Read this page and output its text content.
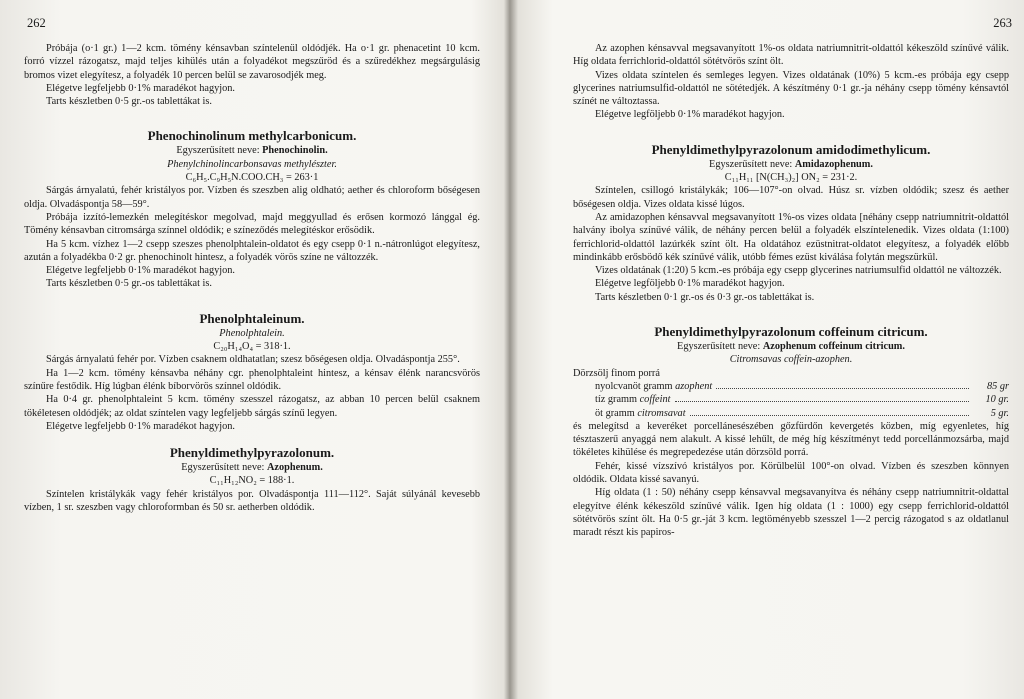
262

Próbája (o·1 gr.) 1—2 kcm. tömény kénsavban színtelenül oldódjék. Ha o·1 gr. phenacetint 10 kcm. forró vízzel rázogatsz, majd teljes kihülés után a folyadékot megszűröd és a szűredékhez megsárgulásig bromos vizet elegyítesz, a folyadék 10 percen belül se zavarosodjék meg.

Elégetve legfeljebb 0·1% maradékot hagyjon.

Tarts készletben 0·5 gr.-os tablettákat is.

Phenochinolinum methylcarbonicum.

Egyszerűsített neve: Phenochinolin.

Phenylchinolincarbonsavas methylészter.

C₆H₅.C₉H₅N.COO.CH₃ = 263·1

Sárgás árnyalatú, fehér kristályos por. Vízben és szeszben alig oldható; aether és chloroform bőségesen oldja. Olvadáspontja 58—59°.

Próbája izzító-lemezkén melegítéskor megolvad, majd meggyullad és erősen kormozó lánggal ég. Tömény kénsavban citromsárga színnel oldódik; e színeződés melegítéskor erősödik.

Ha 5 kcm. vízhez 1—2 csepp szeszes phenolphtalein-oldatot és egy csepp 0·1 n.-nátronlúgot elegyítesz, azután a folyadékba 0·2 gr. phenochinolt hintesz, a folyadék vörös színe ne változzék.

Elégetve legfeljebb 0·1% maradékot hagyjon.

Tarts készletben 0·5 gr.-os tablettákat is.

Phenolphtaleinum.

Phenolphtalein.

C₂₀H₁₄O₄ = 318·1.

Sárgás árnyalatú fehér por. Vízben csaknem oldhatatlan; szesz bőségesen oldja. Olvadáspontja 255°.

Ha 1—2 kcm. tömény kénsavba néhány cgr. phenolphtaleint hintesz, a kénsav élénk narancsvörös színűre festődik. Híg lúgban élénk bíborvörös színnel oldódik.

Ha 0·4 gr. phenolphtaleint 5 kcm. tömény szesszel rázogatsz, az abban 10 percen belül csaknem tökéletesen oldódjék; az oldat színtelen vagy legfeljebb sárgás színű legyen.

Elégetve legfeljebb 0·1% maradékot hagyjon.

Phenyldimethylpyrazolonum.

Egyszerűsített neve: Azophenum.

C₁₁H₁₂NO₂ = 188·1.

Színtelen kristálykák vagy fehér kristályos por. Olvadáspontja 111—112°. Saját súlyánál kevesebb vízben, 1 sr. szeszben vagy chloroformban és 50 sr. aetherben oldódik.

263

Az azophen kénsavval megsavanyított 1%-os oldata natriumnitrit-oldattól kékeszöld színűvé válik. Híg oldata ferrichlorid-oldattól sötétvörös színt ölt.

Vizes oldata színtelen és semleges legyen. Vizes oldatának (10%) 5 kcm.-es próbája egy csepp glycerines natriumsulfid-oldattól ne sötétedjék. A készítmény 0·1 gr.-ja néhány csepp tömény kénsavtól színét ne változtassa.

Elégetve legföljebb 0·1% maradékot hagyjon.

Phenyldimethylpyrazolonum amidodimethylicum.

Egyszerűsített neve: Amidazophenum.

C₁₁H₁₁ [N(CH₃)₂] ON₂ = 231·2.

Színtelen, csillogó kristálykák; 106—107°-on olvad. Húsz sr. vízben oldódik; szesz és aether bőségesen oldja. Vizes oldata kissé lúgos.

Az amidazophen kénsavval megsavanyított 1%-os vizes oldata [néhány csepp natriumnitrit-oldattól halvány ibolya színűvé válik, de néhány percen belül a folyadék elszíntelenedik. Vizes oldata (1:100) ferrichlorid-oldattól lazúrkék színt ölt. Ha oldatához ezüstnitrat-oldatot elegyítesz, a folyadék előbb mindinkább erősbödő kék színűvé válik, utóbb fémes ezüst kiválása folytán megszürkül.

Vizes oldatának (1:20) 5 kcm.-es próbája egy csepp glycerines natriumsulfid oldattól ne változzék.

Elégetve legföljebb 0·1% maradékot hagyjon.

Tarts készletben 0·1 gr.-os és 0·3 gr.-os tablettákat is.

Phenyldimethylpyrazolonum coffeinum citricum.

Egyszerűsített neve: Azophenum coffeinum citricum.

Citromsavas coffein-azophen.

Dörzsölj finom porrá

nyolcvanöt gramm azophent	85 gr
tíz gramm coffeint	10 gr.
öt gramm citromsavat	5 gr.

és melegítsd a keveréket porcellánesészében gőzfürdőn kevergetés közben, míg egyenletes, híg tésztaszerű anyaggá nem alakult. A kissé lehűlt, de még híg készítményt tedd porcellánmozsárba, majd tökéletes kihülése és megrepedezése után dörzsöld porrá.

Fehér, kissé vízszívó kristályos por. Körülbelül 100°-on olvad. Vízben és szeszben könnyen oldódik. Oldata kissé savanyú.

Híg oldata (1 : 50) néhány csepp kénsavval megsavanyítva és néhány csepp natriumnitrit-oldattal elegyítve élénk kékeszöld színűvé válik. Igen híg oldata (1 : 1000) egy csepp ferrichlorid-oldattól sötétvörös színt ölt. Ha 0·5 gr.-ját 3 kcm. legtöményebb szesszel 1—2 percig rázogatod s az oldatlanul maradt részt kis papiros-
